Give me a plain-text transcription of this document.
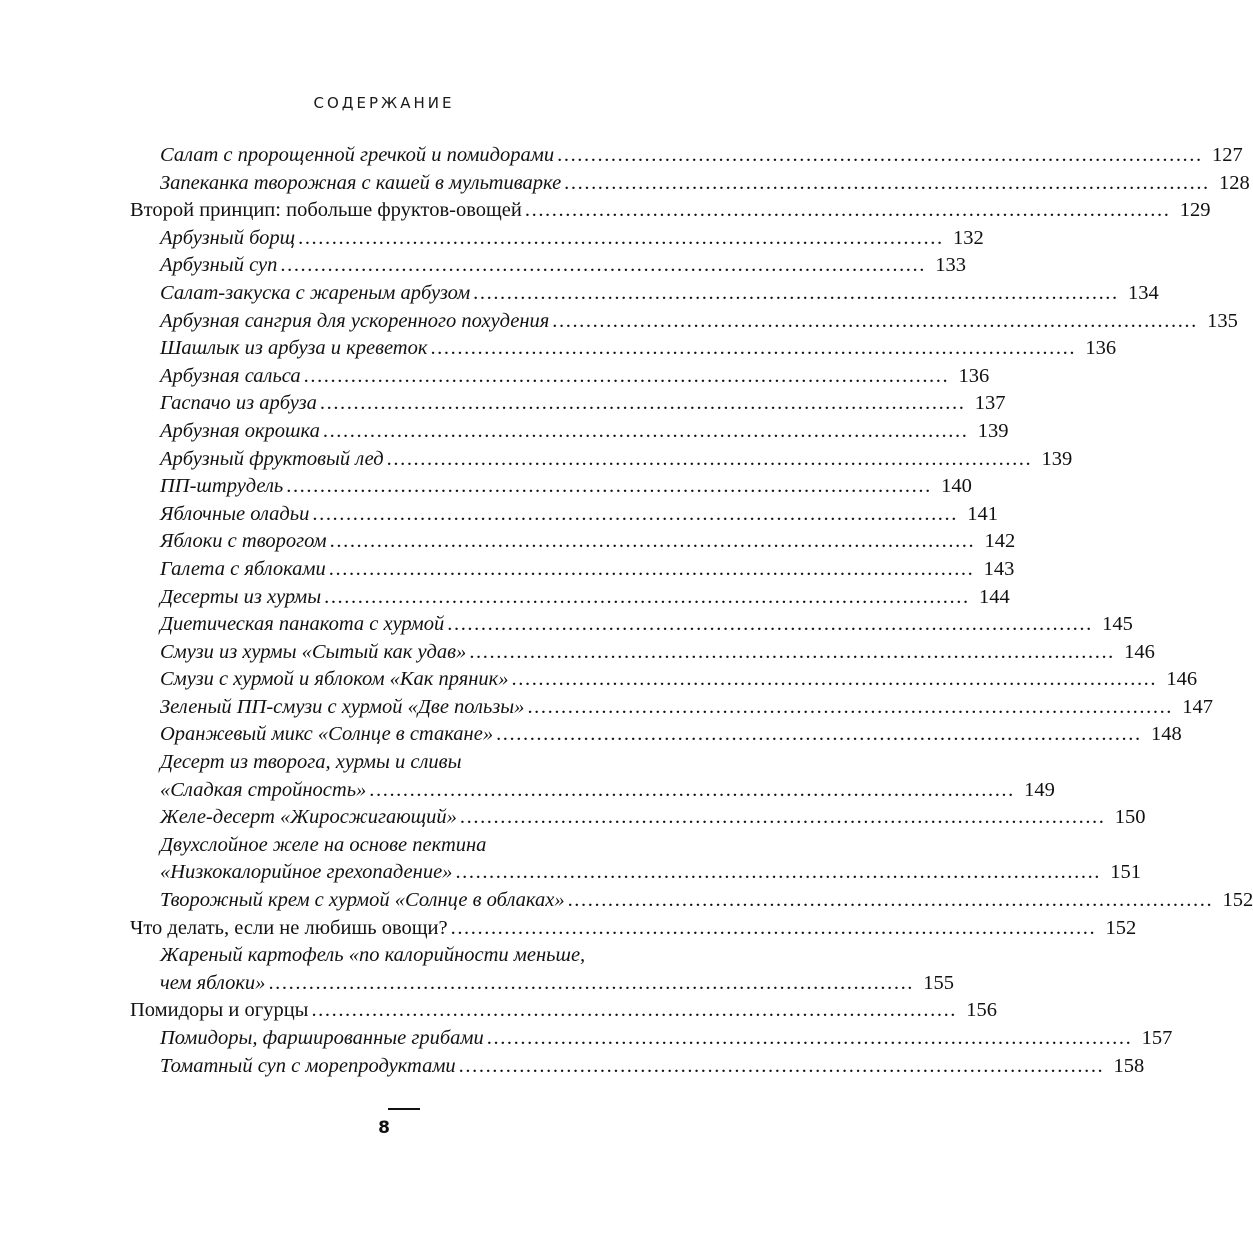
СОДЕРЖАНИЕ
Салат с пророщенной гречкой и помидорами ................................................................................................ 127
Запеканка творожная с кашей в мультиварке ................................................................................................ 128
Второй принцип: побольше фруктов-овощей ................................................................................................ 129
Арбузный борщ ................................................................................................ 132
Арбузный суп ................................................................................................ 133
Салат-закуска с жареным арбузом ................................................................................................ 134
Арбузная сангрия для ускоренного похудения ................................................................................................ 135
Шашлык из арбуза и креветок ................................................................................................ 136
Арбузная сальса ................................................................................................ 136
Гаспачо из арбуза ................................................................................................ 137
Арбузная окрошка ................................................................................................ 139
Арбузный фруктовый лед ................................................................................................ 139
ПП-штрудель ................................................................................................ 140
Яблочные оладьи ................................................................................................ 141
Яблоки с творогом ................................................................................................ 142
Галета с яблоками ................................................................................................ 143
Десерты из хурмы ................................................................................................ 144
Диетическая панакота с хурмой ................................................................................................ 145
Смузи из хурмы «Сытый как удав» ................................................................................................ 146
Смузи с хурмой и яблоком «Как пряник» ................................................................................................ 146
Зеленый ПП-смузи с хурмой «Две пользы» ................................................................................................ 147
Оранжевый микс «Солнце в стакане» ................................................................................................ 148
Десерт из творога, хурмы и сливы
«Сладкая стройность» ................................................................................................ 149
Желе-десерт «Жиросжигающий» ................................................................................................ 150
Двухслойное желе на основе пектина
«Низкокалорийное грехопадение» ................................................................................................ 151
Творожный крем с хурмой «Солнце в облаках» ................................................................................................ 152
Что делать, если не любишь овощи? ................................................................................................ 152
Жареный картофель «по калорийности меньше,
чем яблоки» ................................................................................................ 155
Помидоры и огурцы ................................................................................................ 156
Помидоры, фаршированные грибами ................................................................................................ 157
Томатный суп с морепродуктами ................................................................................................ 158
8
